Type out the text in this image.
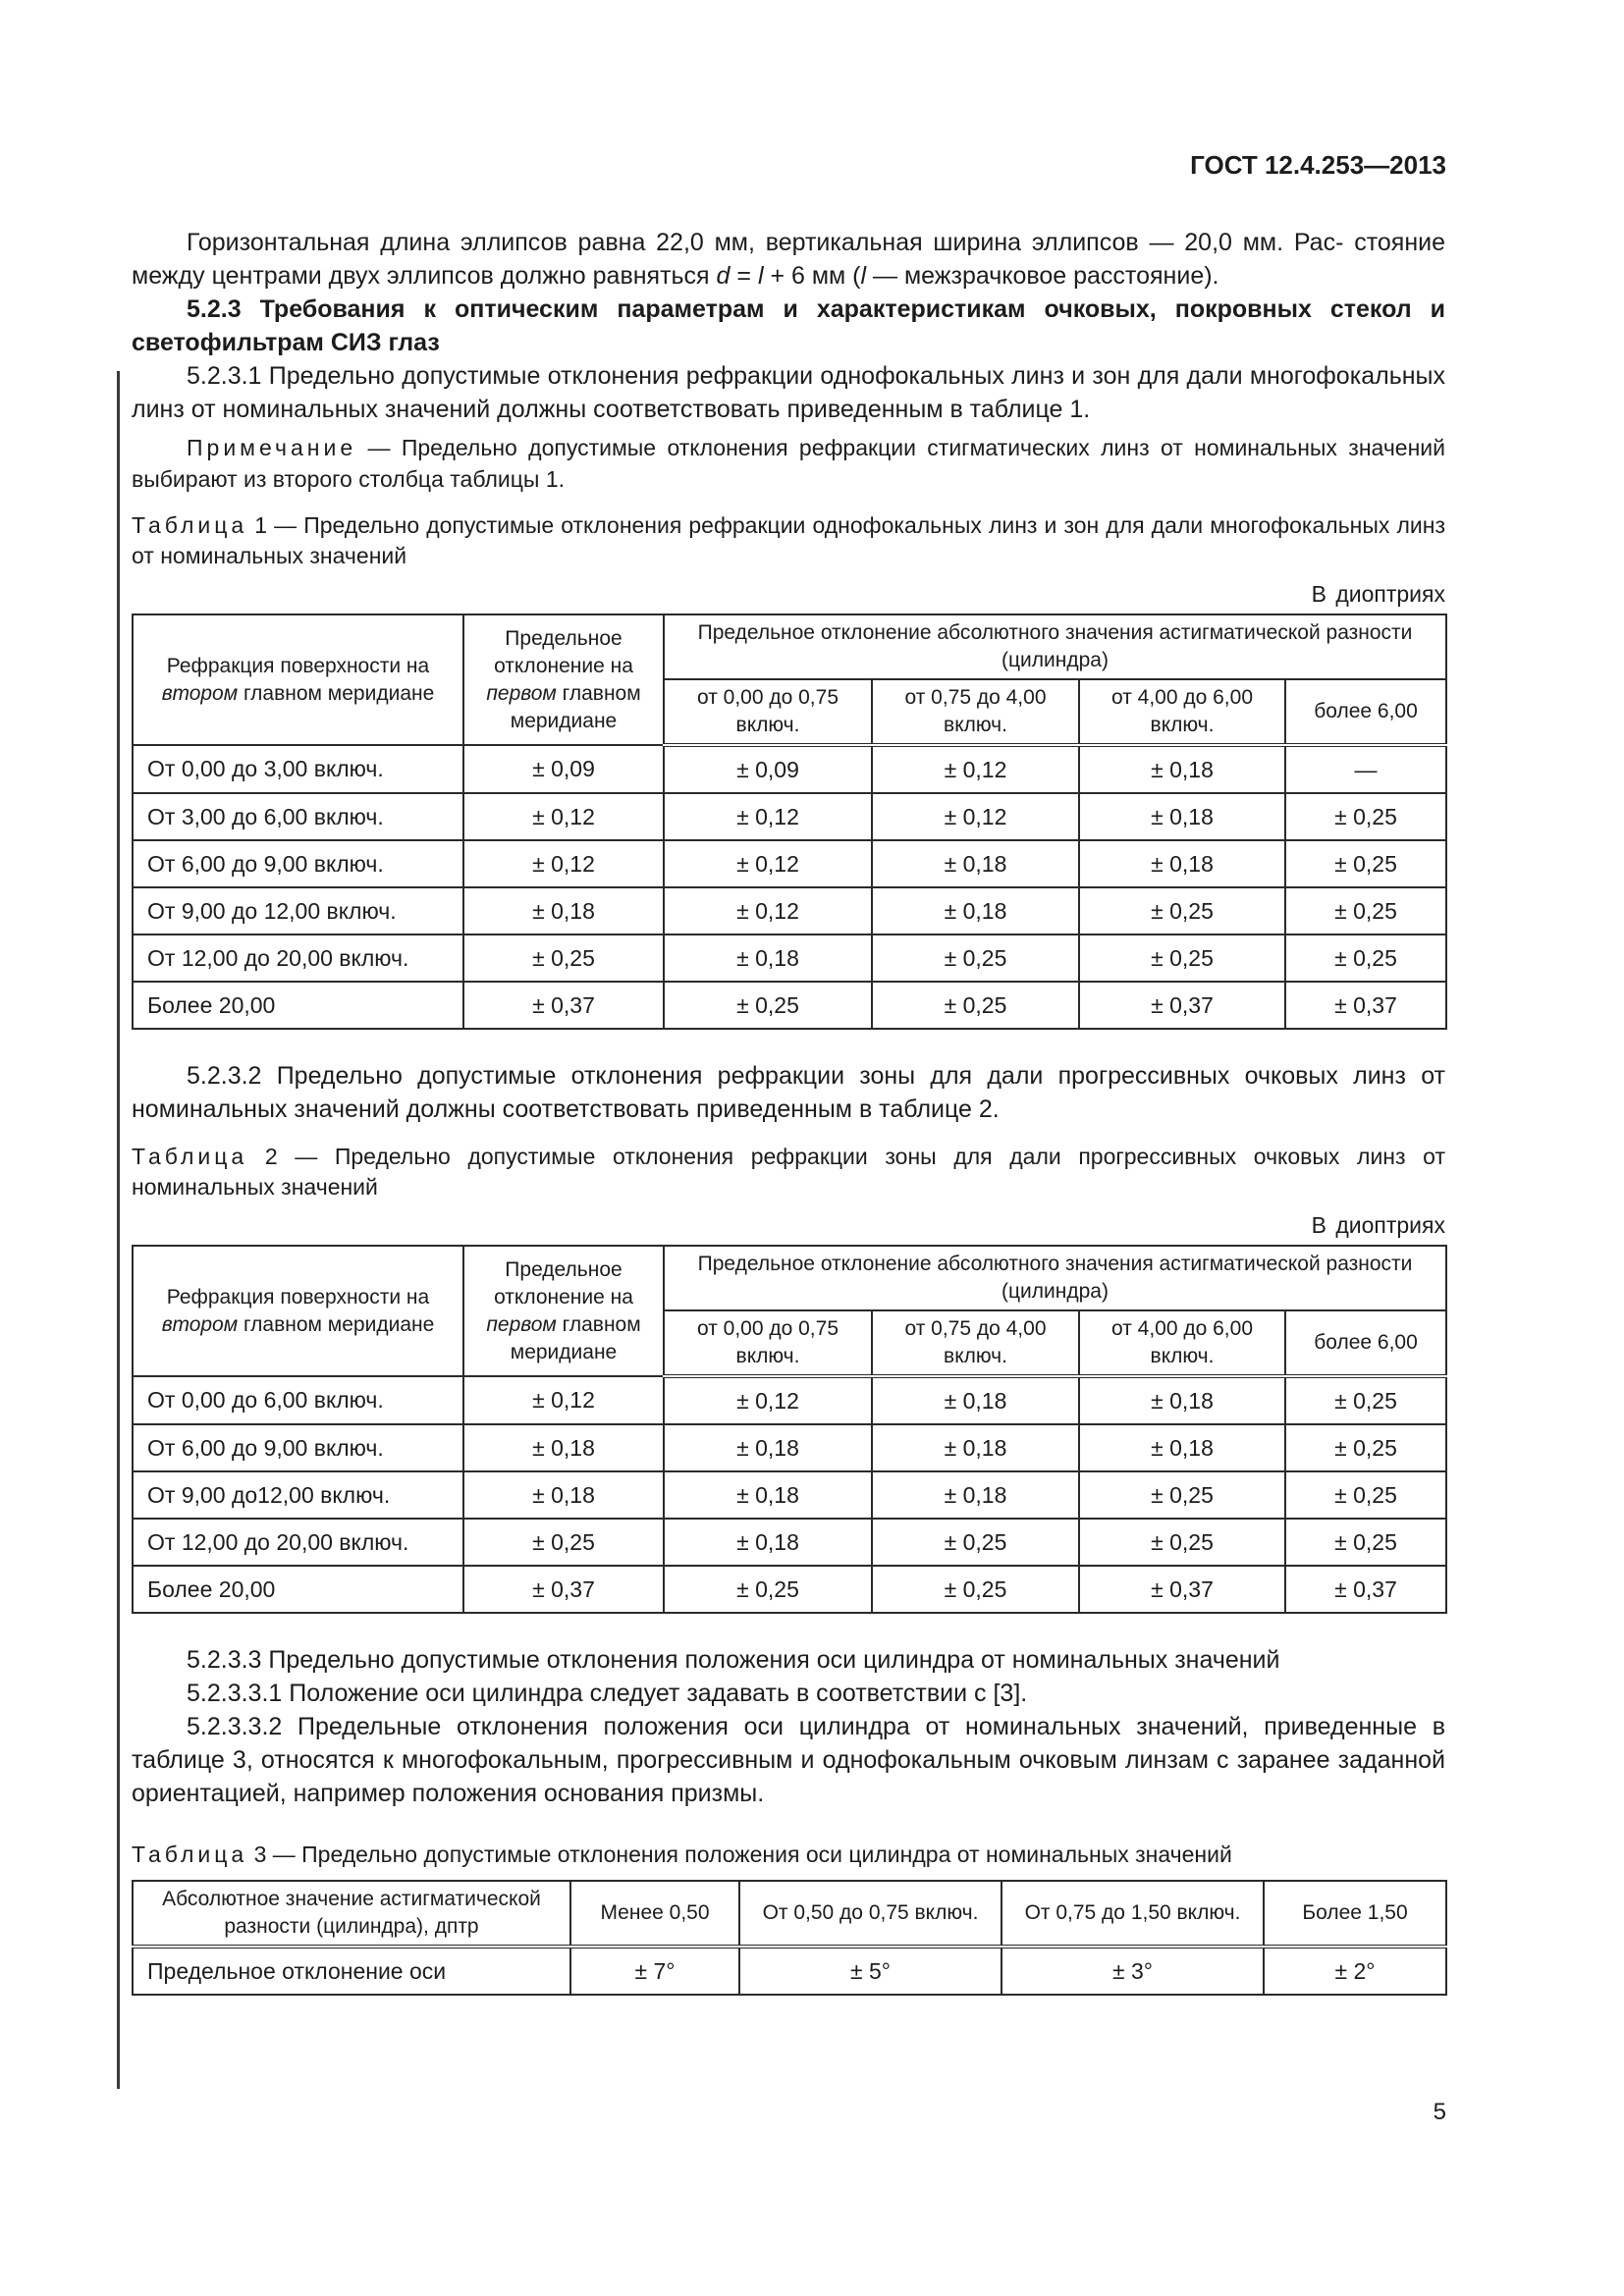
ГОСТ 12.4.253—2013

Горизонтальная длина эллипсов равна 22,0 мм, вертикальная ширина эллипсов — 20,0 мм. Рас- стояние между центрами двух эллипсов должно равняться d = l + 6 мм (l — межзрачковое расстояние).

5.2.3 Требования к оптическим параметрам и характеристикам очковых, покровных стекол и светофильтрам СИЗ глаз

5.2.3.1 Предельно допустимые отклонения рефракции однофокальных линз и зон для дали многофокальных линз от номинальных значений должны соответствовать приведенным в таблице 1.

Примечание — Предельно допустимые отклонения рефракции стигматических линз от номинальных значений выбирают из второго столбца таблицы 1.

Таблица 1 — Предельно допустимые отклонения рефракции однофокальных линз и зон для дали многофокальных линз от номинальных значений

В диоптриях

Рефракция поверхности на втором главном меридиане	Предельное отклонение на первом главном меридиане	Предельное отклонение абсолютного значения астигматической разности (цилиндра)			
		от 0,00 до 0,75 включ.	от 0,75 до 4,00 включ.	от 4,00 до 6,00 включ.	более 6,00
От 0,00 до 3,00 включ.	± 0,09	± 0,09	± 0,12	± 0,18	—
От 3,00 до 6,00 включ.	± 0,12	± 0,12	± 0,12	± 0,18	± 0,25
От 6,00 до 9,00 включ.	± 0,12	± 0,12	± 0,18	± 0,18	± 0,25
От 9,00 до 12,00 включ.	± 0,18	± 0,12	± 0,18	± 0,25	± 0,25
От 12,00 до 20,00 включ.	± 0,25	± 0,18	± 0,25	± 0,25	± 0,25
Более 20,00	± 0,37	± 0,25	± 0,25	± 0,37	± 0,37

5.2.3.2 Предельно допустимые отклонения рефракции зоны для дали прогрессивных очковых линз от номинальных значений должны соответствовать приведенным в таблице 2.

Таблица 2 — Предельно допустимые отклонения рефракции зоны для дали прогрессивных очковых линз от номинальных значений

В диоптриях

Рефракция поверхности на втором главном меридиане	Предельное отклонение на первом главном меридиане	Предельное отклонение абсолютного значения астигматической разности (цилиндра)			
		от 0,00 до 0,75 включ.	от 0,75 до 4,00 включ.	от 4,00 до 6,00 включ.	более 6,00
От 0,00 до 6,00 включ.	± 0,12	± 0,12	± 0,18	± 0,18	± 0,25
От 6,00 до 9,00 включ.	± 0,18	± 0,18	± 0,18	± 0,18	± 0,25
От 9,00 до12,00 включ.	± 0,18	± 0,18	± 0,18	± 0,25	± 0,25
От 12,00 до 20,00 включ.	± 0,25	± 0,18	± 0,25	± 0,25	± 0,25
Более 20,00	± 0,37	± 0,25	± 0,25	± 0,37	± 0,37

5.2.3.3 Предельно допустимые отклонения положения оси цилиндра от номинальных значений

5.2.3.3.1 Положение оси цилиндра следует задавать в соответствии с [3].

5.2.3.3.2 Предельные отклонения положения оси цилиндра от номинальных значений, приведенные в таблице 3, относятся к многофокальным, прогрессивным и однофокальным очковым линзам с заранее заданной ориентацией, например положения основания призмы.

Таблица 3 — Предельно допустимые отклонения положения оси цилиндра от номинальных значений

Абсолютное значение астигматической разности (цилиндра), дптр	Менее 0,50	От 0,50 до 0,75 включ.	От 0,75 до 1,50 включ.	Более 1,50
Предельное отклонение оси	± 7°	± 5°	± 3°	± 2°
5
